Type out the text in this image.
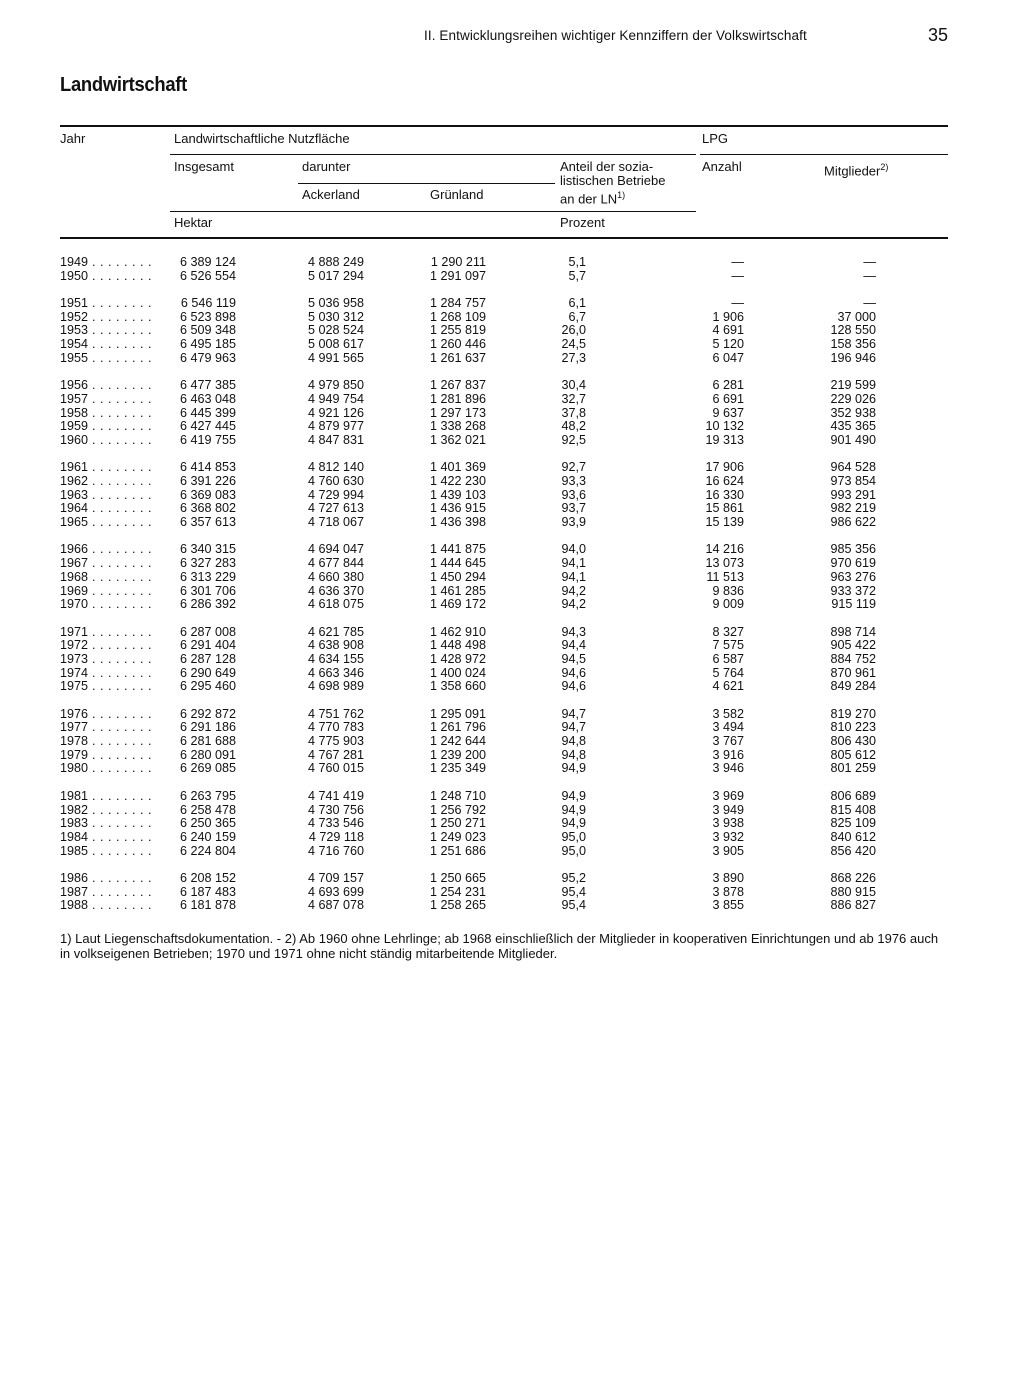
II. Entwicklungsreihen wichtiger Kennziffern der Volkswirtschaft	35
Landwirtschaft
Jahr	Landwirtschaftliche Nutzfläche	LPG
Insgesamt	darunter
Ackerland	Grünland
Anteil der sozia-
listischen Betriebe
an der LN$^{1)}$
Anzahl	Mitglieder$^{2)}$
Hektar	Prozent
1949 . . .	6 389 124	4 888 249	1 290 211	5,1	—	—
1950 . . .	6 526 554	5 017 294	1 291 097	5,7	—	—
1951 . . .	6 546 119	5 036 958	1 284 757	6,1	—	—
1952 . . .	6 523 898	5 030 312	1 268 109	6,7	1 906	37 000
1953 . . .	6 509 348	5 028 524	1 255 819	26,0	4 691	128 550
1954 . . .	6 495 185	5 008 617	1 260 446	24,5	5 120	158 356
1955 . . .	6 479 963	4 991 565	1 261 637	27,3	6 047	196 946
1956 . . .	6 477 385	4 979 850	1 267 837	30,4	6 281	219 599
1957 . . .	6 463 048	4 949 754	1 281 896	32,7	6 691	229 026
1958 . . .	6 445 399	4 921 126	1 297 173	37,8	9 637	352 938
1959 . . .	6 427 445	4 879 977	1 338 268	48,2	10 132	435 365
1960 . . .	6 419 755	4 847 831	1 362 021	92,5	19 313	901 490
1961 . . .	6 414 853	4 812 140	1 401 369	92,7	17 906	964 528
1962 . . .	6 391 226	4 760 630	1 422 230	93,3	16 624	973 854
1963 . . .	6 369 083	4 729 994	1 439 103	93,6	16 330	993 291
1964 . . .	6 368 802	4 727 613	1 436 915	93,7	15 861	982 219
1965 . . .	6 357 613	4 718 067	1 436 398	93,9	15 139	986 622
1966 . . .	6 340 315	4 694 047	1 441 875	94,0	14 216	985 356
1967 . . .	6 327 283	4 677 844	1 444 645	94,1	13 073	970 619
1968 . . .	6 313 229	4 660 380	1 450 294	94,1	11 513	963 276
1969 . . .	6 301 706	4 636 370	1 461 285	94,2	9 836	933 372
1970 . . .	6 286 392	4 618 075	1 469 172	94,2	9 009	915 119
1971 . . .	6 287 008	4 621 785	1 462 910	94,3	8 327	898 714
1972 . . .	6 291 404	4 638 908	1 448 498	94,4	7 575	905 422
1973 . . .	6 287 128	4 634 155	1 428 972	94,5	6 587	884 752
1974 . . .	6 290 649	4 663 346	1 400 024	94,6	5 764	870 961
1975 . . .	6 295 460	4 698 989	1 358 660	94,6	4 621	849 284
1976 . . .	6 292 872	4 751 762	1 295 091	94,7	3 582	819 270
1977 . . .	6 291 186	4 770 783	1 261 796	94,7	3 494	810 223
1978 . . .	6 281 688	4 775 903	1 242 644	94,8	3 767	806 430
1979 . . .	6 280 091	4 767 281	1 239 200	94,8	3 916	805 612
1980 . . .	6 269 085	4 760 015	1 235 349	94,9	3 946	801 259
1981 . . .	6 263 795	4 741 419	1 248 710	94,9	3 969	806 689
1982 . . .	6 258 478	4 730 756	1 256 792	94,9	3 949	815 408
1983 . . .	6 250 365	4 733 546	1 250 271	94,9	3 938	825 109
1984 . . .	6 240 159	4 729 118	1 249 023	95,0	3 932	840 612
1985 . . .	6 224 804	4 716 760	1 251 686	95,0	3 905	856 420
1986 . . .	6 208 152	4 709 157	1 250 665	95,2	3 890	868 226
1987 . . .	6 187 483	4 693 699	1 254 231	95,4	3 878	880 915
1988 . . .	6 181 878	4 687 078	1 258 265	95,4	3 855	886 827
1) Laut Liegenschaftsdokumentation. - 2) Ab 1960 ohne Lehrlinge; ab 1968 einschließlich der Mitglieder in kooperativen Einrichtungen und ab 1976 auch in volkseigenen Betrieben; 1970 und 1971 ohne nicht ständig mitarbeitende Mitglieder.
